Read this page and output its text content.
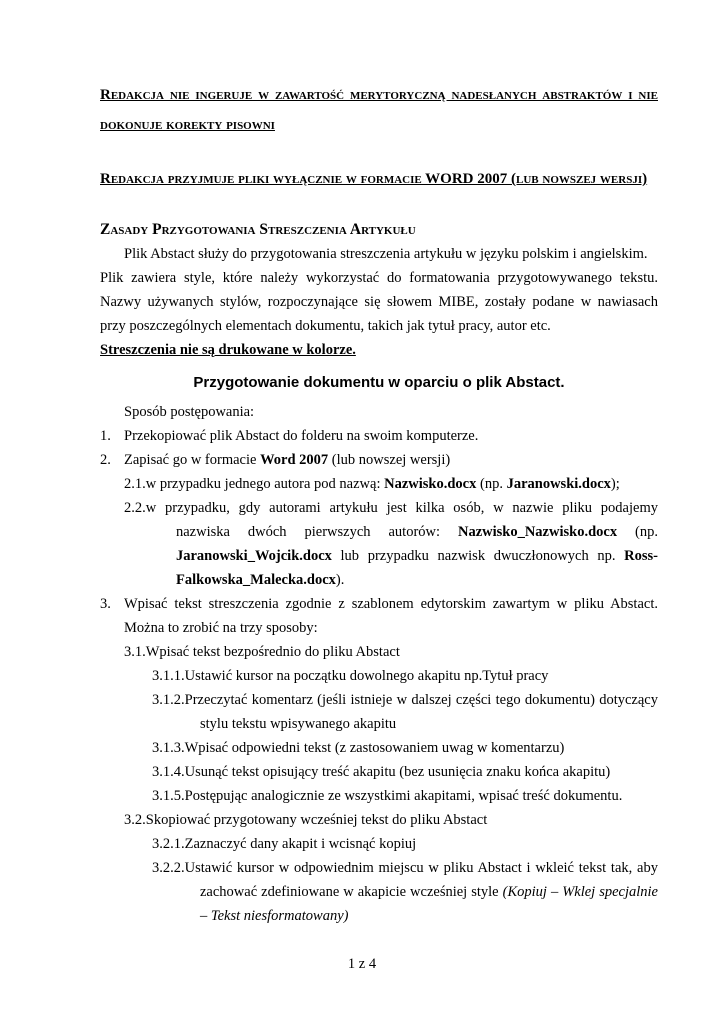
Redakcja nie ingeruje w zawartość merytoryczną nadesłanych abstraktów i nie dokonuje korekty pisowni

Redakcja przyjmuje pliki wyłącznie w formacie WORD 2007 (lub nowszej wersji)

Zasady Przygotowania Streszczenia Artykułu

Plik Abstact służy do przygotowania streszczenia artykułu w języku polskim i angielskim.

Plik zawiera style, które należy wykorzystać do formatowania przygotowywanego tekstu. Nazwy używanych stylów, rozpoczynające się słowem MIBE, zostały podane w nawiasach przy poszczególnych elementach dokumentu, takich jak tytuł pracy, autor etc.

Streszczenia nie są drukowane w kolorze.

Przygotowanie dokumentu w oparciu o plik Abstact.

Sposób postępowania:

1. Przekopiować plik Abstact do folderu na swoim komputerze.
2. Zapisać go w formacie Word 2007 (lub nowszej wersji)
2.1.w przypadku jednego autora pod nazwą: Nazwisko.docx (np. Jaranowski.docx);
2.2.w przypadku, gdy autorami artykułu jest kilka osób, w nazwie pliku podajemy nazwiska dwóch pierwszych autorów: Nazwisko_Nazwisko.docx (np. Jaranowski_Wojcik.docx lub przypadku nazwisk dwuczłonowych np. Ross-Falkowska_Malecka.docx).
3. Wpisać tekst streszczenia zgodnie z szablonem edytorskim zawartym w pliku Abstact. Można to zrobić na trzy sposoby:
3.1.Wpisać tekst bezpośrednio do pliku Abstact
3.1.1.Ustawić kursor na początku dowolnego akapitu np.Tytuł pracy
3.1.2.Przeczytać komentarz (jeśli istnieje w dalszej części tego dokumentu) dotyczący stylu tekstu wpisywanego akapitu
3.1.3.Wpisać odpowiedni tekst (z zastosowaniem uwag w komentarzu)
3.1.4.Usunąć tekst opisujący treść akapitu (bez usunięcia znaku końca akapitu)
3.1.5.Postępując analogicznie ze wszystkimi akapitami, wpisać treść dokumentu.
3.2.Skopiować przygotowany wcześniej tekst do pliku Abstact
3.2.1.Zaznaczyć dany akapit i wcisnąć kopiuj
3.2.2.Ustawić kursor w odpowiednim miejscu w pliku Abstact i wkleić tekst tak, aby zachować zdefiniowane w akapicie wcześniej style (Kopiuj – Wklej specjalnie – Tekst niesformatowany)
1 z 4
